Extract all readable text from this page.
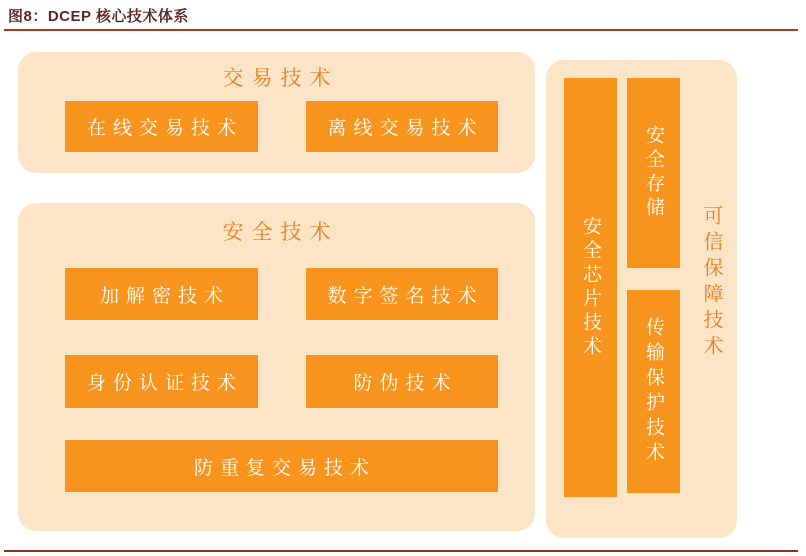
图8：DCEP 核心技术体系
交易技术
在线交易技术	离线交易技术
安全技术
加解密技术	数字签名技术
身份认证技术	防伪技术
防重复交易技术
安全芯片技术
安全存储
传输保护技术
可信保障技术
